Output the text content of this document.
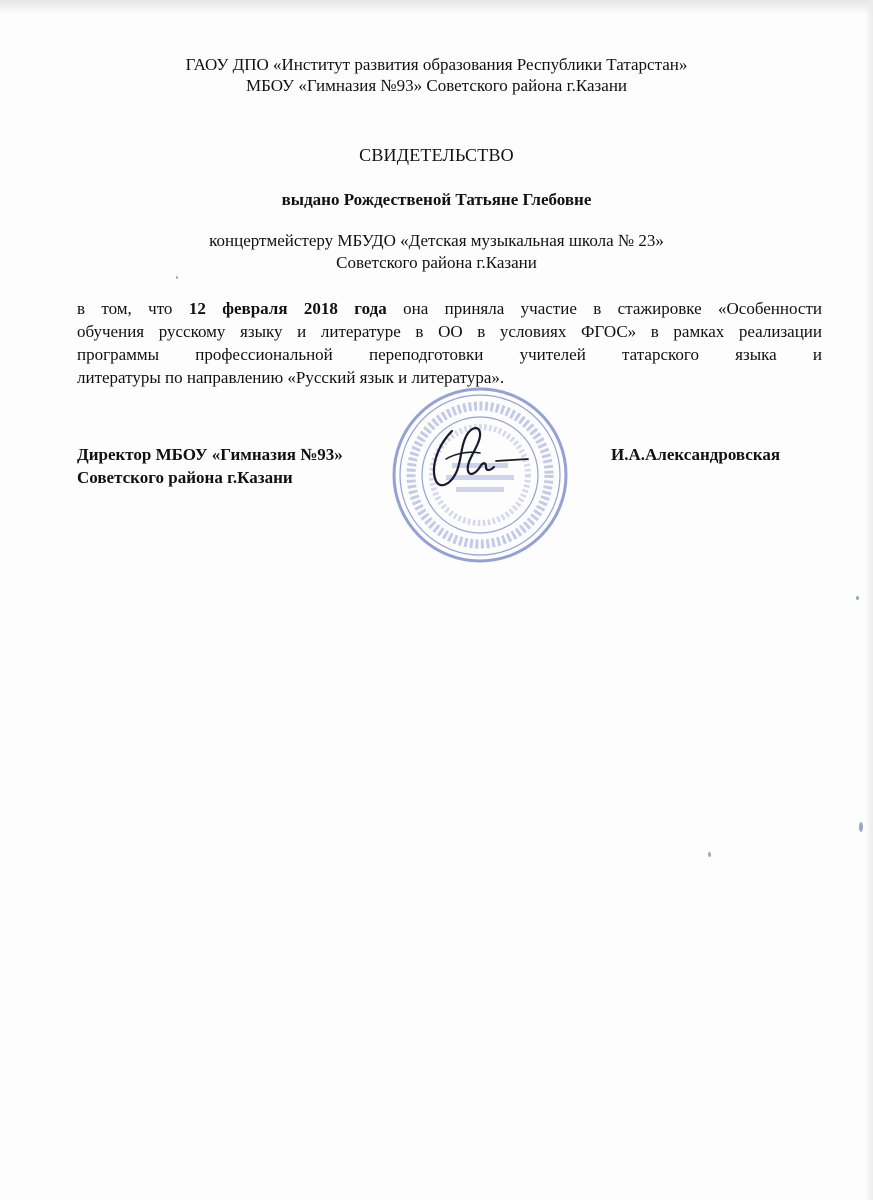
ГАОУ ДПО «Институт развития образования Республики Татарстан»
МБОУ «Гимназия №93» Советского района г.Казани
СВИДЕТЕЛЬСТВО
выдано Рождественой Татьяне Глебовне
концертмейстеру МБУДО «Детская музыкальная школа № 23»
Советского района г.Казани

в том, что 12 февраля 2018 года она приняла участие в стажировке «Особенности

обучения русскому языку и литературе в ОО в условиях ФГОС» в рамках реализации

программы профессиональной переподготовки учителей татарского языка и

литературы по направлению «Русский язык и литература».

Директор МБОУ «Гимназия №93»
Советского района г.Казани
И.А.Александровская
